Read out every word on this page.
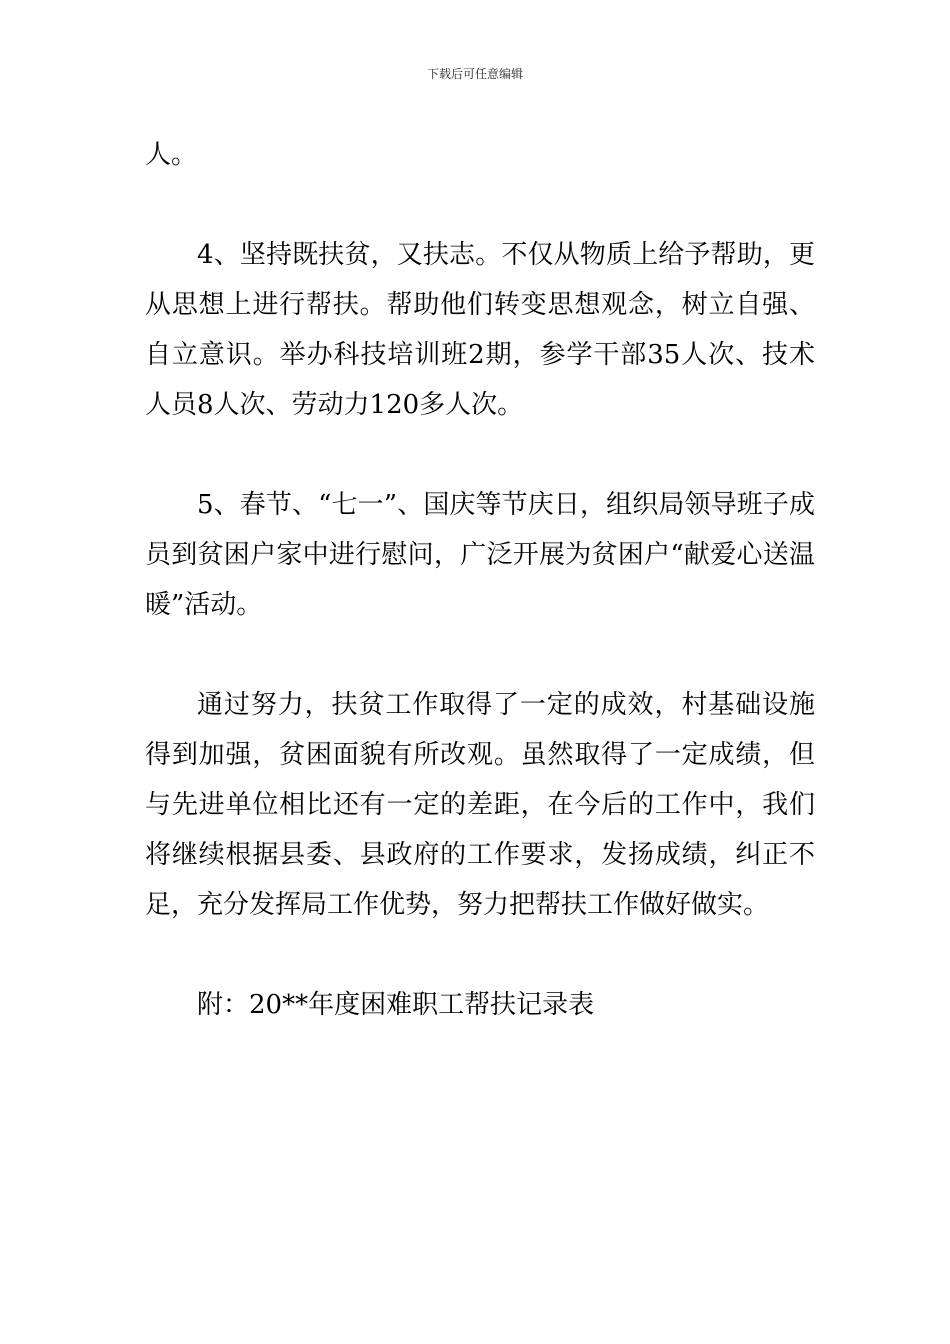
下载后可任意编辑

人。

4、坚持既扶贫，又扶志。不仅从物质上给予帮助，更从思想上进行帮扶。帮助他们转变思想观念，树立自强、自立意识。举办科技培训班2期，参学干部35人次、技术人员8人次、劳动力120多人次。

5、春节、“七一”、国庆等节庆日，组织局领导班子成员到贫困户家中进行慰问，广泛开展为贫困户“献爱心送温暖”活动。

通过努力，扶贫工作取得了一定的成效，村基础设施得到加强，贫困面貌有所改观。虽然取得了一定成绩，但与先进单位相比还有一定的差距，在今后的工作中，我们将继续根据县委、县政府的工作要求，发扬成绩，纠正不足，充分发挥局工作优势，努力把帮扶工作做好做实。

附：20**年度困难职工帮扶记录表
